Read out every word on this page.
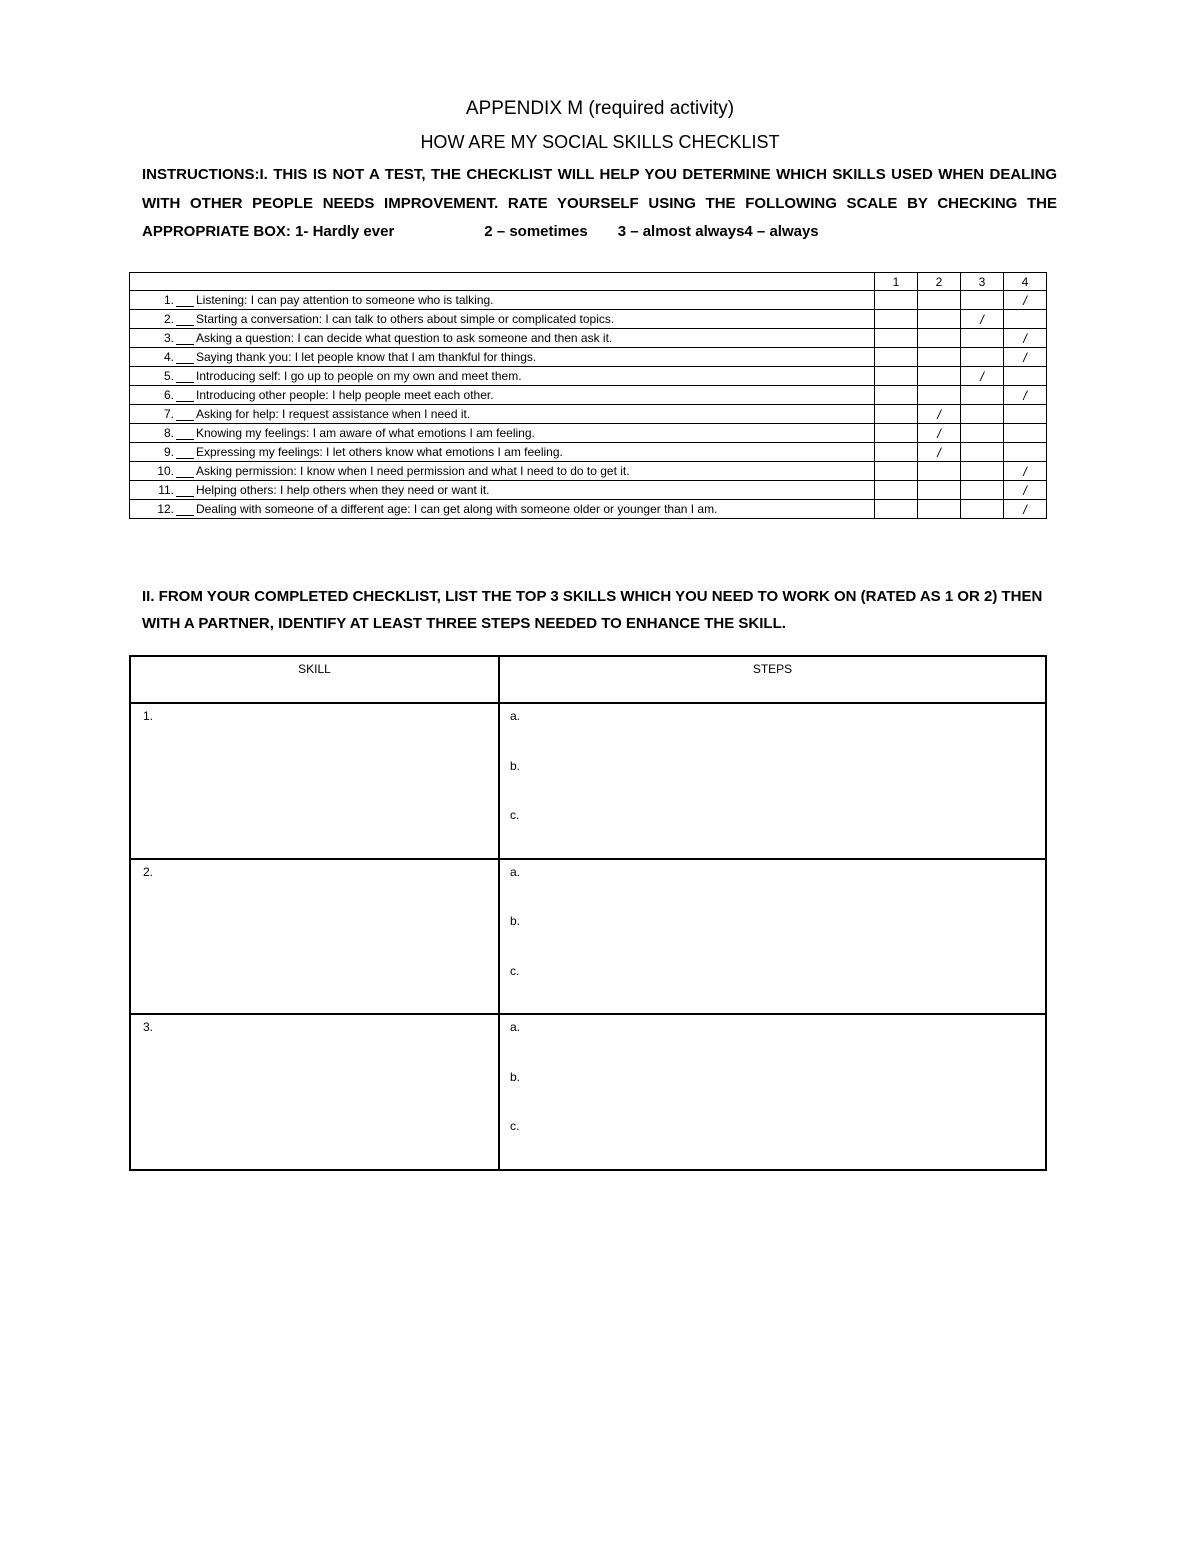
APPENDIX M (required activity)
HOW ARE MY SOCIAL SKILLS CHECKLIST
INSTRUCTIONS:I. THIS IS NOT A TEST, THE CHECKLIST WILL HELP YOU DETERMINE WHICH SKILLS USED WHEN DEALING WITH OTHER PEOPLE NEEDS IMPROVEMENT. RATE YOURSELF USING THE FOLLOWING SCALE BY CHECKING THE APPROPRIATE BOX: 1- Hardly ever	2 – sometimes 3 – almost always4 – always
	1	2	3	4
1. Listening: I can pay attention to someone who is talking.				/
2. Starting a conversation: I can talk to others about simple or complicated topics.			/	
3. Asking a question: I can decide what question to ask someone and then ask it.				/
4. Saying thank you: I let people know that I am thankful for things.				/
5. Introducing self: I go up to people on my own and meet them.			/	
6. Introducing other people: I help people meet each other.				/
7. Asking for help: I request assistance when I need it.		/		
8. Knowing my feelings: I am aware of what emotions I am feeling.		/		
9. Expressing my feelings: I let others know what emotions I am feeling.		/		
10. Asking permission: I know when I need permission and what I need to do to get it.				/
11. Helping others: I help others when they need or want it.				/
12. Dealing with someone of a different age: I can get along with someone older or younger than I am.				/
II. FROM YOUR COMPLETED CHECKLIST, LIST THE TOP 3 SKILLS WHICH YOU NEED TO WORK ON (RATED AS 1 OR 2) THEN WITH A PARTNER, IDENTIFY AT LEAST THREE STEPS NEEDED TO ENHANCE THE SKILL.
SKILL	STEPS
1.	a.
b.
c.

2.	a.
b.
c.

3.	a.
b.
c.
